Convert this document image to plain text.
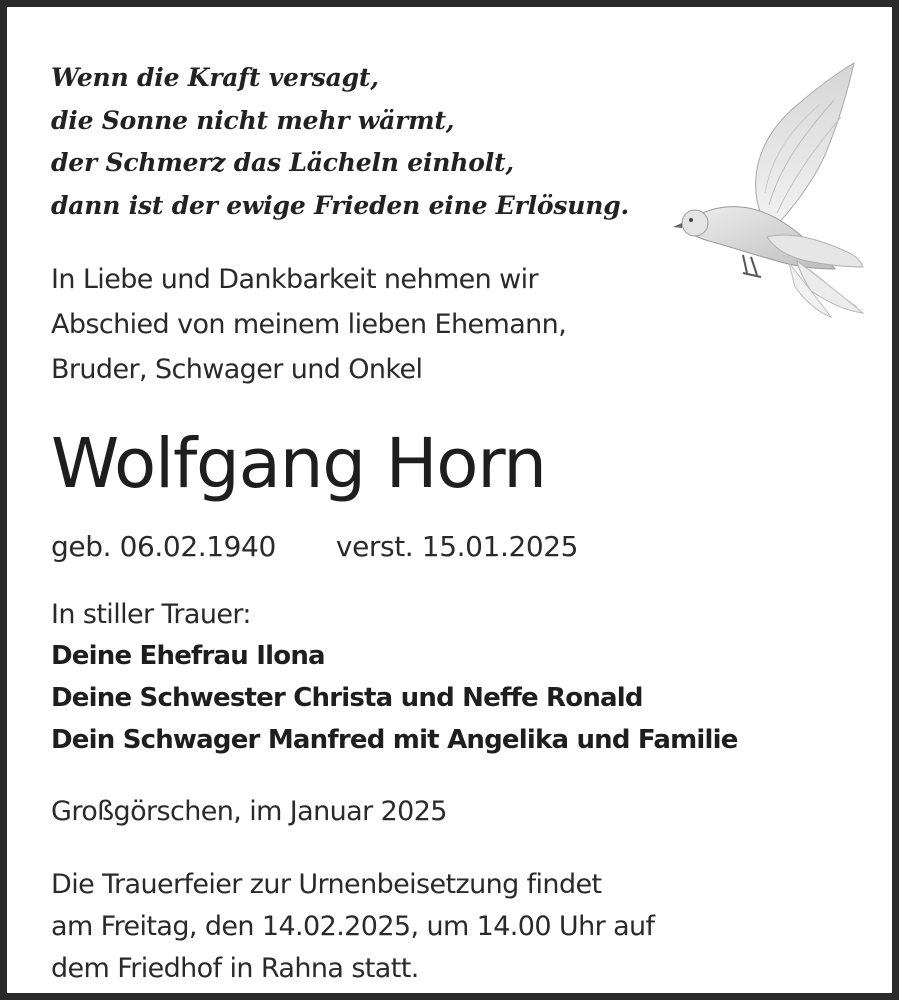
Wenn die Kraft versagt,
die Sonne nicht mehr wärmt,
der Schmerz das Lächeln einholt,
dann ist der ewige Frieden eine Erlösung.
In Liebe und Dankbarkeit nehmen wir
Abschied von meinem lieben Ehemann,
Bruder, Schwager und Onkel
Wolfgang Horn
geb. 06.02.1940 verst. 15.01.2025
In stiller Trauer:
Deine Ehefrau Ilona
Deine Schwester Christa und Neffe Ronald
Dein Schwager Manfred mit Angelika und Familie
Großgörschen, im Januar 2025
Die Trauerfeier zur Urnenbeisetzung findet
am Freitag, den 14.02.2025, um 14.00 Uhr auf
dem Friedhof in Rahna statt.
